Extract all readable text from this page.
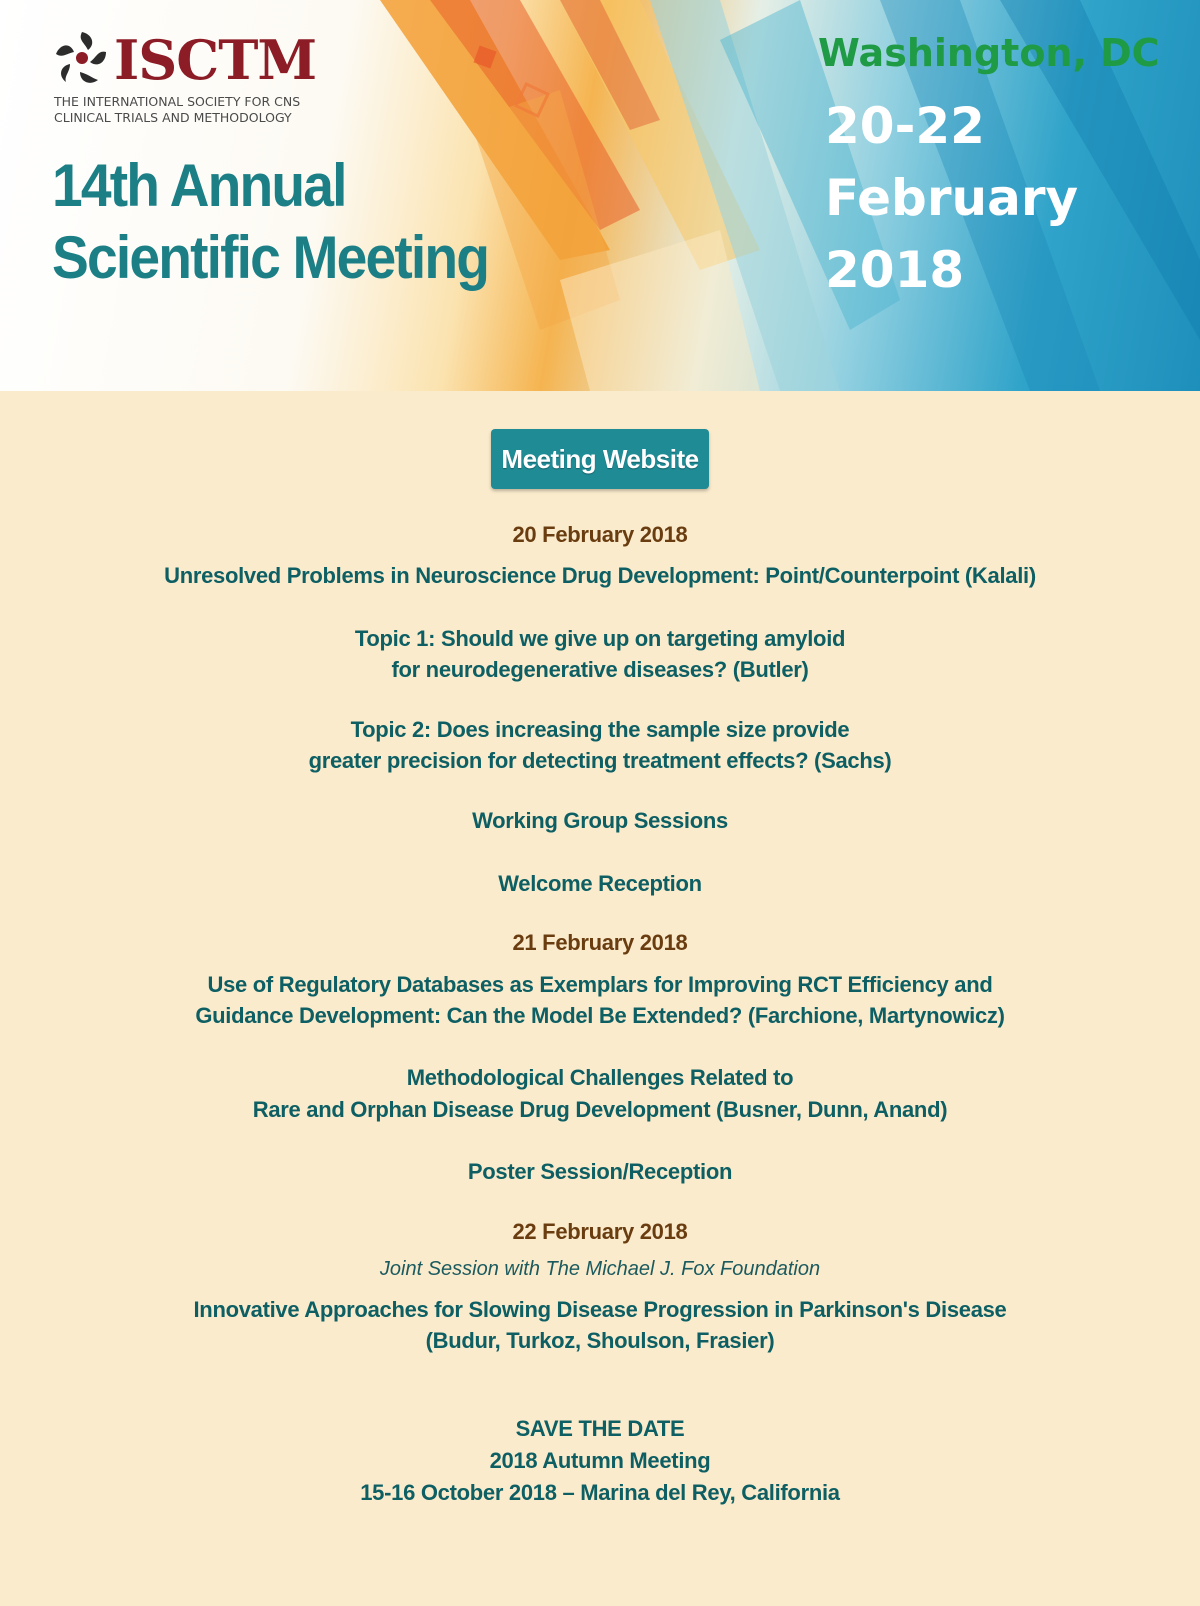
ISCTM
THE INTERNATIONAL SOCIETY FOR CNS
CLINICAL TRIALS AND METHODOLOGY
14th Annual
Scientific Meeting
Washington, DC
20-22
February
2018
Meeting Website
20 February 2018
Unresolved Problems in Neuroscience Drug Development: Point/Counterpoint (Kalali)
Topic 1: Should we give up on targeting amyloid
for neurodegenerative diseases? (Butler)
Topic 2: Does increasing the sample size provide
greater precision for detecting treatment effects? (Sachs)
Working Group Sessions
Welcome Reception
21 February 2018
Use of Regulatory Databases as Exemplars for Improving RCT Efficiency and
Guidance Development: Can the Model Be Extended? (Farchione, Martynowicz)
Methodological Challenges Related to
Rare and Orphan Disease Drug Development (Busner, Dunn, Anand)
Poster Session/Reception
22 February 2018
Joint Session with The Michael J. Fox Foundation
Innovative Approaches for Slowing Disease Progression in Parkinson's Disease
(Budur, Turkoz, Shoulson, Frasier)
SAVE THE DATE
2018 Autumn Meeting
15-16 October 2018 – Marina del Rey, California
